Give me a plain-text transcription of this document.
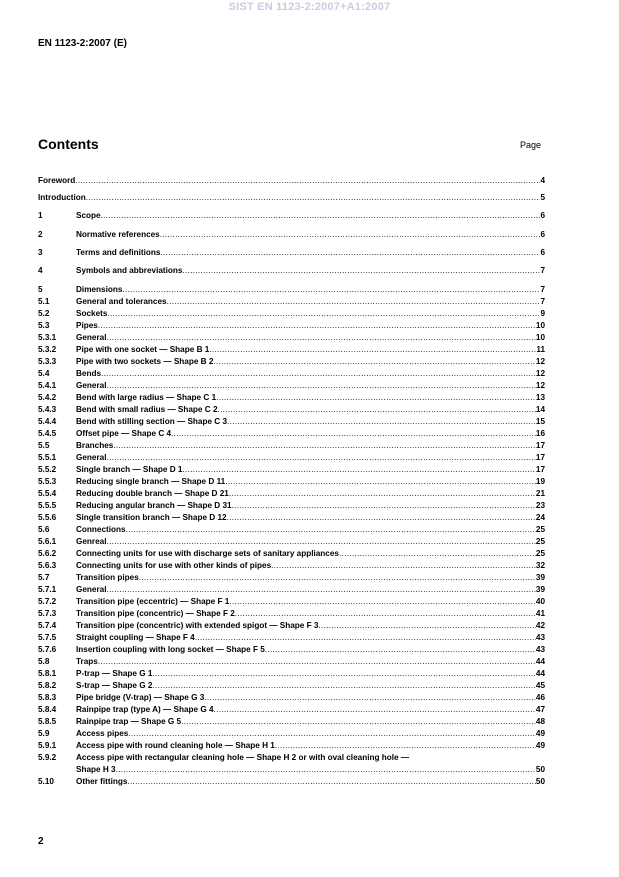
SIST EN 1123-2:2007+A1:2007
EN 1123-2:2007 (E)
Contents	Page
Foreword .....	4
Introduction .....	5
1	Scope .....	6
2	Normative references .....	6
3	Terms and definitions .....	6
4	Symbols and abbreviations .....	7
5	Dimensions .....	7
5.1	General and tolerances .....	7
5.2	Sockets .....	9
5.3	Pipes .....	10
5.3.1	General .....	10
5.3.2	Pipe with one socket — Shape B 1 .....	11
5.3.3	Pipe with two sockets — Shape B 2 .....	12
5.4	Bends .....	12
5.4.1	General .....	12
5.4.2	Bend with large radius — Shape C 1 .....	13
5.4.3	Bend with small radius — Shape C 2 .....	14
5.4.4	Bend with stilling section — Shape C 3 .....	15
5.4.5	Offset pipe — Shape C 4 .....	16
5.5	Branches .....	17
5.5.1	General .....	17
5.5.2	Single branch — Shape D 1 .....	17
5.5.3	Reducing single branch — Shape D 11 .....	19
5.5.4	Reducing double branch — Shape D 21 .....	21
5.5.5	Reducing angular branch — Shape D 31 .....	23
5.5.6	Single transition branch — Shape D 12 .....	24
5.6	Connections .....	25
5.6.1	Genreal .....	25
5.6.2	Connecting units for use with discharge sets of sanitary appliances .....	25
5.6.3	Connecting units for use with other kinds of pipes .....	32
5.7	Transition pipes .....	39
5.7.1	General .....	39
5.7.2	Transition pipe (eccentric) — Shape F 1 .....	40
5.7.3	Transition pipe (concentric) — Shape F 2 .....	41
5.7.4	Transition pipe (concentric) with extended spigot — Shape F 3 .....	42
5.7.5	Straight coupling — Shape F 4 .....	43
5.7.6	Insertion coupling with long socket — Shape F 5 .....	43
5.8	Traps .....	44
5.8.1	P-trap — Shape G 1 .....	44
5.8.2	S-trap — Shape G 2 .....	45
5.8.3	Pipe bridge (V-trap) — Shape G 3 .....	46
5.8.4	Rainpipe trap (type A) — Shape G 4 .....	47
5.8.5	Rainpipe trap — Shape G 5 .....	48
5.9	Access pipes .....	49
5.9.1	Access pipe with round cleaning hole — Shape H 1 .....	49
5.9.2	Access pipe with rectangular cleaning hole — Shape H 2 or with oval cleaning hole —
Shape H 3 .....	50
5.10	Other fittings .....	50
2
